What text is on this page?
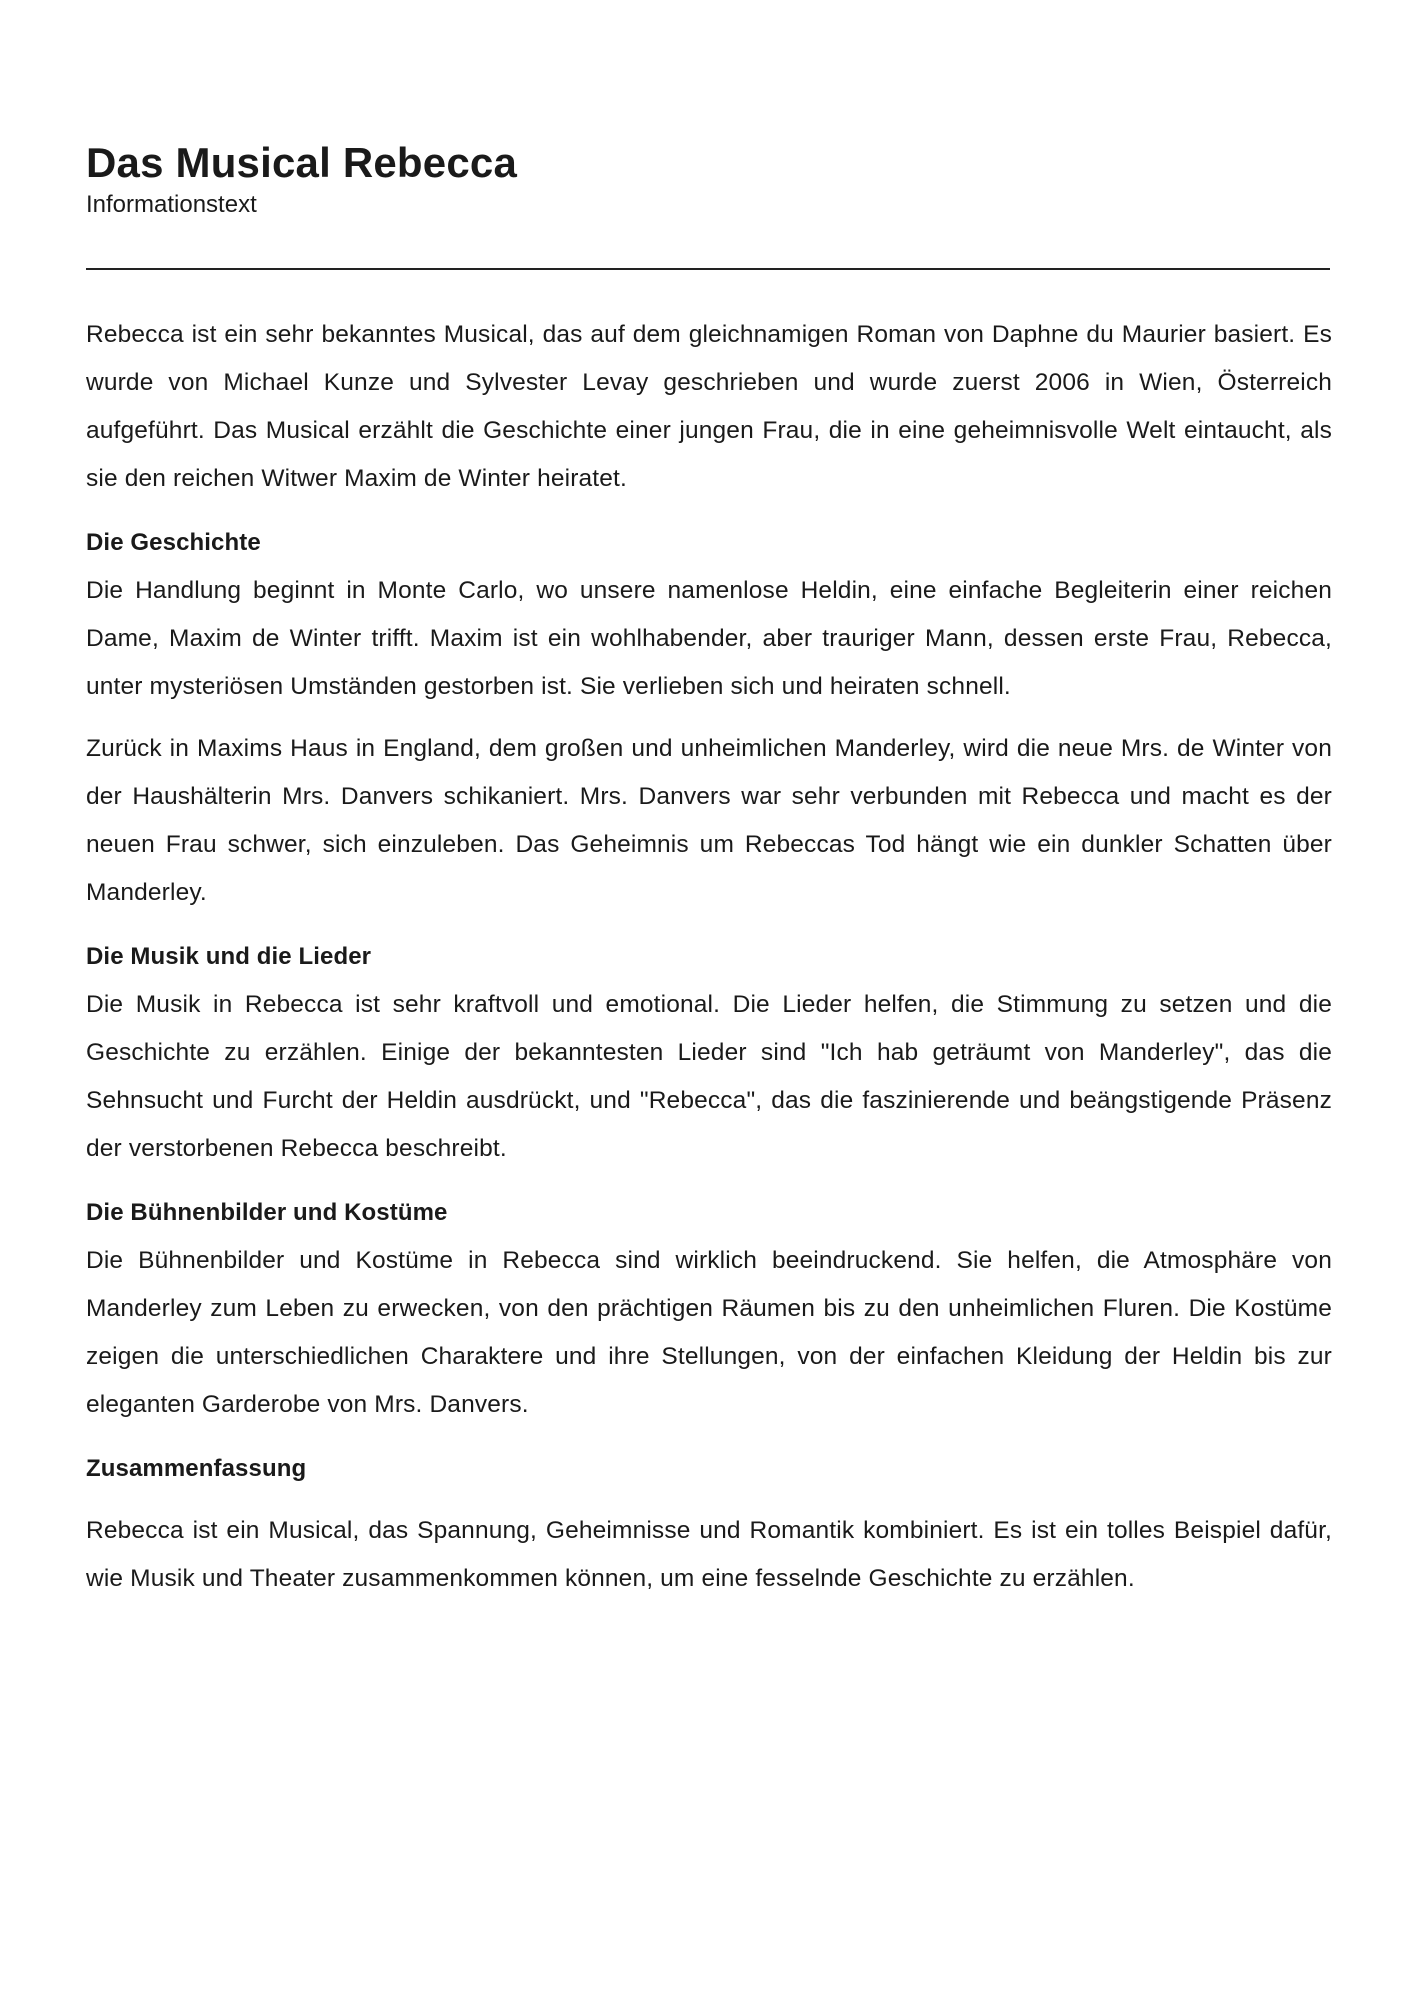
Das Musical Rebecca
Informationstext

Rebecca ist ein sehr bekanntes Musical, das auf dem gleichnamigen Roman von Daphne du Maurier basiert. Es wurde von Michael Kunze und Sylvester Levay geschrieben und wurde zuerst 2006 in Wien, Österreich aufgeführt. Das Musical erzählt die Geschichte einer jungen Frau, die in eine geheimnisvolle Welt eintaucht, als sie den reichen Witwer Maxim de Winter heiratet.

Die Geschichte

Die Handlung beginnt in Monte Carlo, wo unsere namenlose Heldin, eine einfache Begleiterin einer reichen Dame, Maxim de Winter trifft. Maxim ist ein wohlhabender, aber trauriger Mann, dessen erste Frau, Rebecca, unter mysteriösen Umständen gestorben ist. Sie verlieben sich und heiraten schnell.

Zurück in Maxims Haus in England, dem großen und unheimlichen Manderley, wird die neue Mrs. de Winter von der Haushälterin Mrs. Danvers schikaniert. Mrs. Danvers war sehr verbunden mit Rebecca und macht es der neuen Frau schwer, sich einzuleben. Das Geheimnis um Rebeccas Tod hängt wie ein dunkler Schatten über Manderley.

Die Musik und die Lieder

Die Musik in Rebecca ist sehr kraftvoll und emotional. Die Lieder helfen, die Stimmung zu setzen und die Geschichte zu erzählen. Einige der bekanntesten Lieder sind "Ich hab geträumt von Manderley", das die Sehnsucht und Furcht der Heldin ausdrückt, und "Rebecca", das die faszinierende und beängstigende Präsenz der verstorbenen Rebecca beschreibt.

Die Bühnenbilder und Kostüme

Die Bühnenbilder und Kostüme in Rebecca sind wirklich beeindruckend. Sie helfen, die Atmosphäre von Manderley zum Leben zu erwecken, von den prächtigen Räumen bis zu den unheimlichen Fluren. Die Kostüme zeigen die unterschiedlichen Charaktere und ihre Stellungen, von der einfachen Kleidung der Heldin bis zur eleganten Garderobe von Mrs. Danvers.

Zusammenfassung

Rebecca ist ein Musical, das Spannung, Geheimnisse und Romantik kombiniert. Es ist ein tolles Beispiel dafür, wie Musik und Theater zusammenkommen können, um eine fesselnde Geschichte zu erzählen.
